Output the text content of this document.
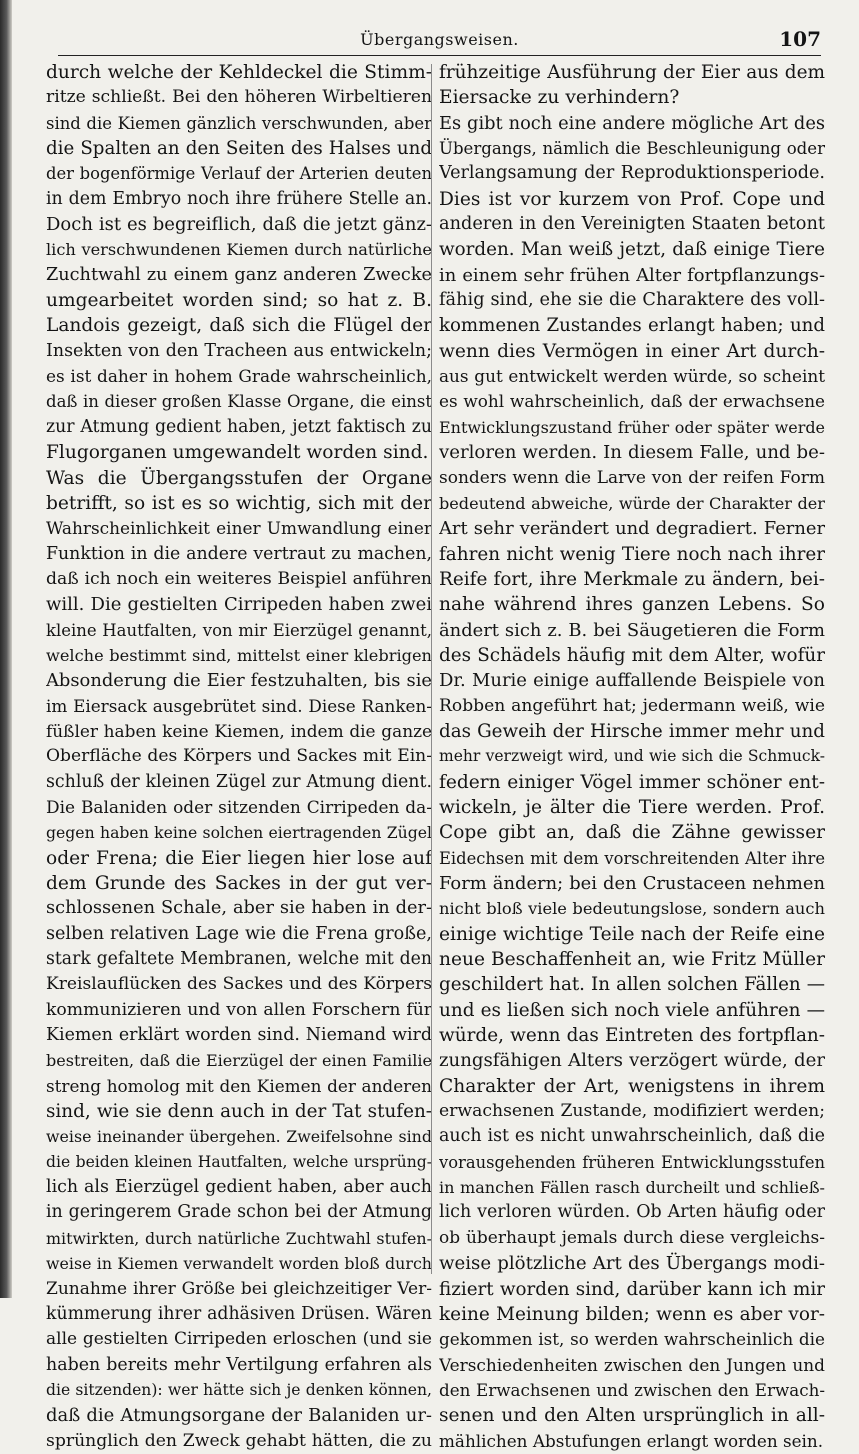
Übergangsweisen.	107
durch welche der Kehldeckel die Stimm-
ritze schließt. Bei den höheren Wirbeltieren
sind die Kiemen gänzlich verschwunden, aber
die Spalten an den Seiten des Halses und
der bogenförmige Verlauf der Arterien deuten
in dem Embryo noch ihre frühere Stelle an.
Doch ist es begreiflich, daß die jetzt gänz-
lich verschwundenen Kiemen durch natürliche
Zuchtwahl zu einem ganz anderen Zwecke
umgearbeitet worden sind; so hat z. B.
Landois gezeigt, daß sich die Flügel der
Insekten von den Tracheen aus entwickeln;
es ist daher in hohem Grade wahrscheinlich,
daß in dieser großen Klasse Organe, die einst
zur Atmung gedient haben, jetzt faktisch zu
Flugorganen umgewandelt worden sind.
Was die Übergangsstufen der Organe
betrifft, so ist es so wichtig, sich mit der
Wahrscheinlichkeit einer Umwandlung einer
Funktion in die andere vertraut zu machen,
daß ich noch ein weiteres Beispiel anführen
will. Die gestielten Cirripeden haben zwei
kleine Hautfalten, von mir Eierzügel genannt,
welche bestimmt sind, mittelst einer klebrigen
Absonderung die Eier festzuhalten, bis sie
im Eiersack ausgebrütet sind. Diese Ranken-
füßler haben keine Kiemen, indem die ganze
Oberfläche des Körpers und Sackes mit Ein-
schluß der kleinen Zügel zur Atmung dient.
Die Balaniden oder sitzenden Cirripeden da-
gegen haben keine solchen eiertragenden Zügel
oder Frena; die Eier liegen hier lose auf
dem Grunde des Sackes in der gut ver-
schlossenen Schale, aber sie haben in der-
selben relativen Lage wie die Frena große,
stark gefaltete Membranen, welche mit den
Kreislauflücken des Sackes und des Körpers
kommunizieren und von allen Forschern für
Kiemen erklärt worden sind. Niemand wird
bestreiten, daß die Eierzügel der einen Familie
streng homolog mit den Kiemen der anderen
sind, wie sie denn auch in der Tat stufen-
weise ineinander übergehen. Zweifelsohne sind
die beiden kleinen Hautfalten, welche ursprüng-
lich als Eierzügel gedient haben, aber auch
in geringerem Grade schon bei der Atmung
mitwirkten, durch natürliche Zuchtwahl stufen-
weise in Kiemen verwandelt worden bloß durch
Zunahme ihrer Größe bei gleichzeitiger Ver-
kümmerung ihrer adhäsiven Drüsen. Wären
alle gestielten Cirripeden erloschen (und sie
haben bereits mehr Vertilgung erfahren als
die sitzenden): wer hätte sich je denken können,
daß die Atmungsorgane der Balaniden ur-
sprünglich den Zweck gehabt hätten, die zu
frühzeitige Ausführung der Eier aus dem
Eiersacke zu verhindern?
Es gibt noch eine andere mögliche Art des
Übergangs, nämlich die Beschleunigung oder
Verlangsamung der Reproduktionsperiode.
Dies ist vor kurzem von Prof. Cope und
anderen in den Vereinigten Staaten betont
worden. Man weiß jetzt, daß einige Tiere
in einem sehr frühen Alter fortpflanzungs-
fähig sind, ehe sie die Charaktere des voll-
kommenen Zustandes erlangt haben; und
wenn dies Vermögen in einer Art durch-
aus gut entwickelt werden würde, so scheint
es wohl wahrscheinlich, daß der erwachsene
Entwicklungszustand früher oder später werde
verloren werden. In diesem Falle, und be-
sonders wenn die Larve von der reifen Form
bedeutend abweiche, würde der Charakter der
Art sehr verändert und degradiert. Ferner
fahren nicht wenig Tiere noch nach ihrer
Reife fort, ihre Merkmale zu ändern, bei-
nahe während ihres ganzen Lebens. So
ändert sich z. B. bei Säugetieren die Form
des Schädels häufig mit dem Alter, wofür
Dr. Murie einige auffallende Beispiele von
Robben angeführt hat; jedermann weiß, wie
das Geweih der Hirsche immer mehr und
mehr verzweigt wird, und wie sich die Schmuck-
federn einiger Vögel immer schöner ent-
wickeln, je älter die Tiere werden. Prof.
Cope gibt an, daß die Zähne gewisser
Eidechsen mit dem vorschreitenden Alter ihre
Form ändern; bei den Crustaceen nehmen
nicht bloß viele bedeutungslose, sondern auch
einige wichtige Teile nach der Reife eine
neue Beschaffenheit an, wie Fritz Müller
geschildert hat. In allen solchen Fällen —
und es ließen sich noch viele anführen —
würde, wenn das Eintreten des fortpflan-
zungsfähigen Alters verzögert würde, der
Charakter der Art, wenigstens in ihrem
erwachsenen Zustande, modifiziert werden;
auch ist es nicht unwahrscheinlich, daß die
vorausgehenden früheren Entwicklungsstufen
in manchen Fällen rasch durcheilt und schließ-
lich verloren würden. Ob Arten häufig oder
ob überhaupt jemals durch diese vergleichs-
weise plötzliche Art des Übergangs modi-
fiziert worden sind, darüber kann ich mir
keine Meinung bilden; wenn es aber vor-
gekommen ist, so werden wahrscheinlich die
Verschiedenheiten zwischen den Jungen und
den Erwachsenen und zwischen den Erwach-
senen und den Alten ursprünglich in all-
mählichen Abstufungen erlangt worden sein.
